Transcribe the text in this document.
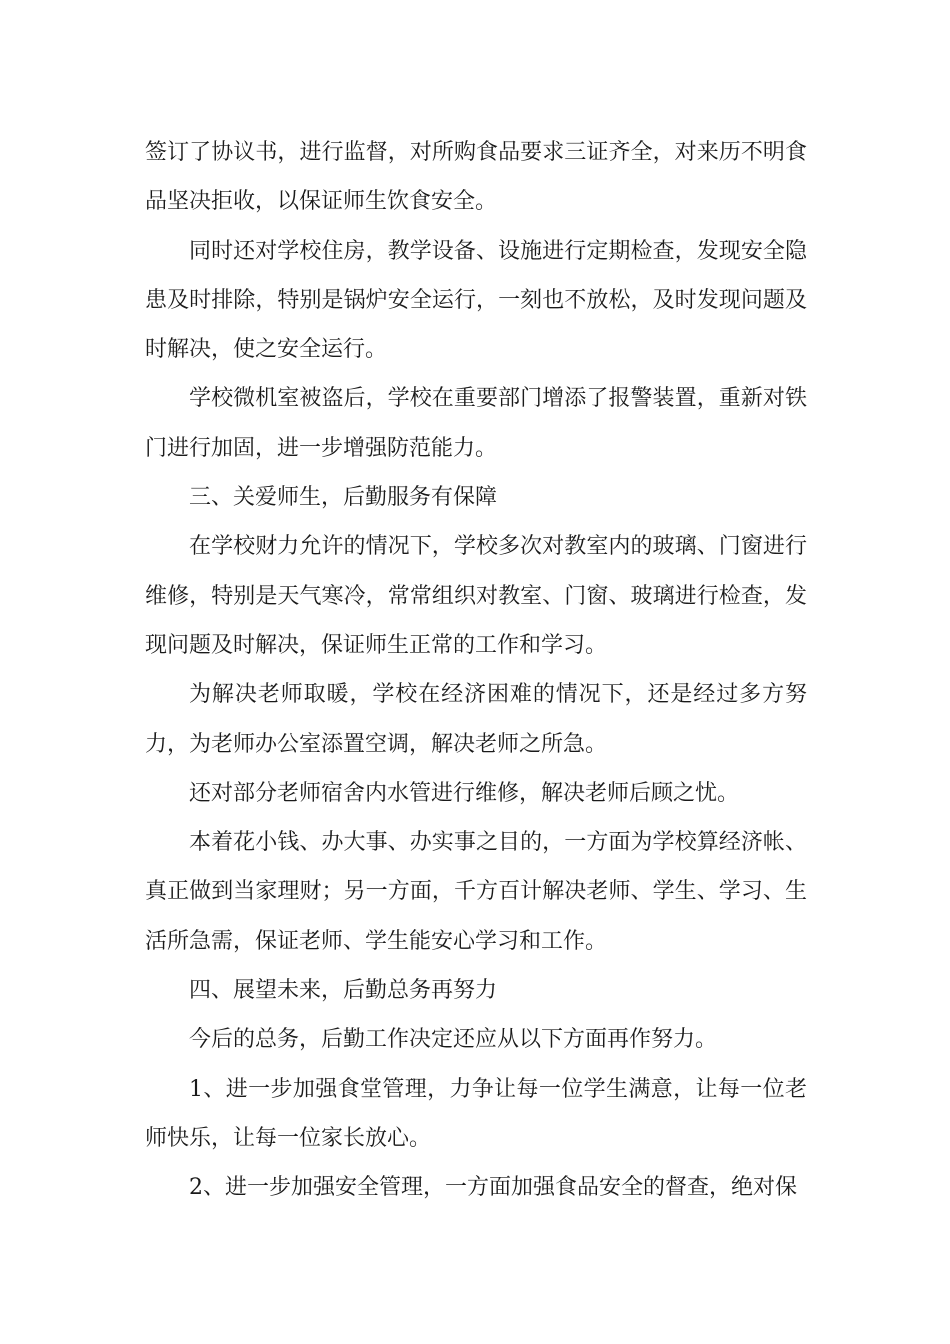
签订了协议书，进行监督，对所购食品要求三证齐全，对来历不明食品坚决拒收，以保证师生饮食安全。

同时还对学校住房，教学设备、设施进行定期检查，发现安全隐患及时排除，特别是锅炉安全运行，一刻也不放松，及时发现问题及时解决，使之安全运行。

学校微机室被盗后，学校在重要部门增添了报警装置，重新对铁门进行加固，进一步增强防范能力。

三、关爱师生，后勤服务有保障

在学校财力允许的情况下，学校多次对教室内的玻璃、门窗进行维修，特别是天气寒冷，常常组织对教室、门窗、玻璃进行检查，发现问题及时解决，保证师生正常的工作和学习。

为解决老师取暖，学校在经济困难的情况下，还是经过多方努力，为老师办公室添置空调，解决老师之所急。

还对部分老师宿舍内水管进行维修，解决老师后顾之忧。

本着花小钱、办大事、办实事之目的，一方面为学校算经济帐、真正做到当家理财；另一方面，千方百计解决老师、学生、学习、生活所急需，保证老师、学生能安心学习和工作。

四、展望未来，后勤总务再努力

今后的总务，后勤工作决定还应从以下方面再作努力。

1、进一步加强食堂管理，力争让每一位学生满意，让每一位老师快乐，让每一位家长放心。

2、进一步加强安全管理，一方面加强食品安全的督查，绝对保
